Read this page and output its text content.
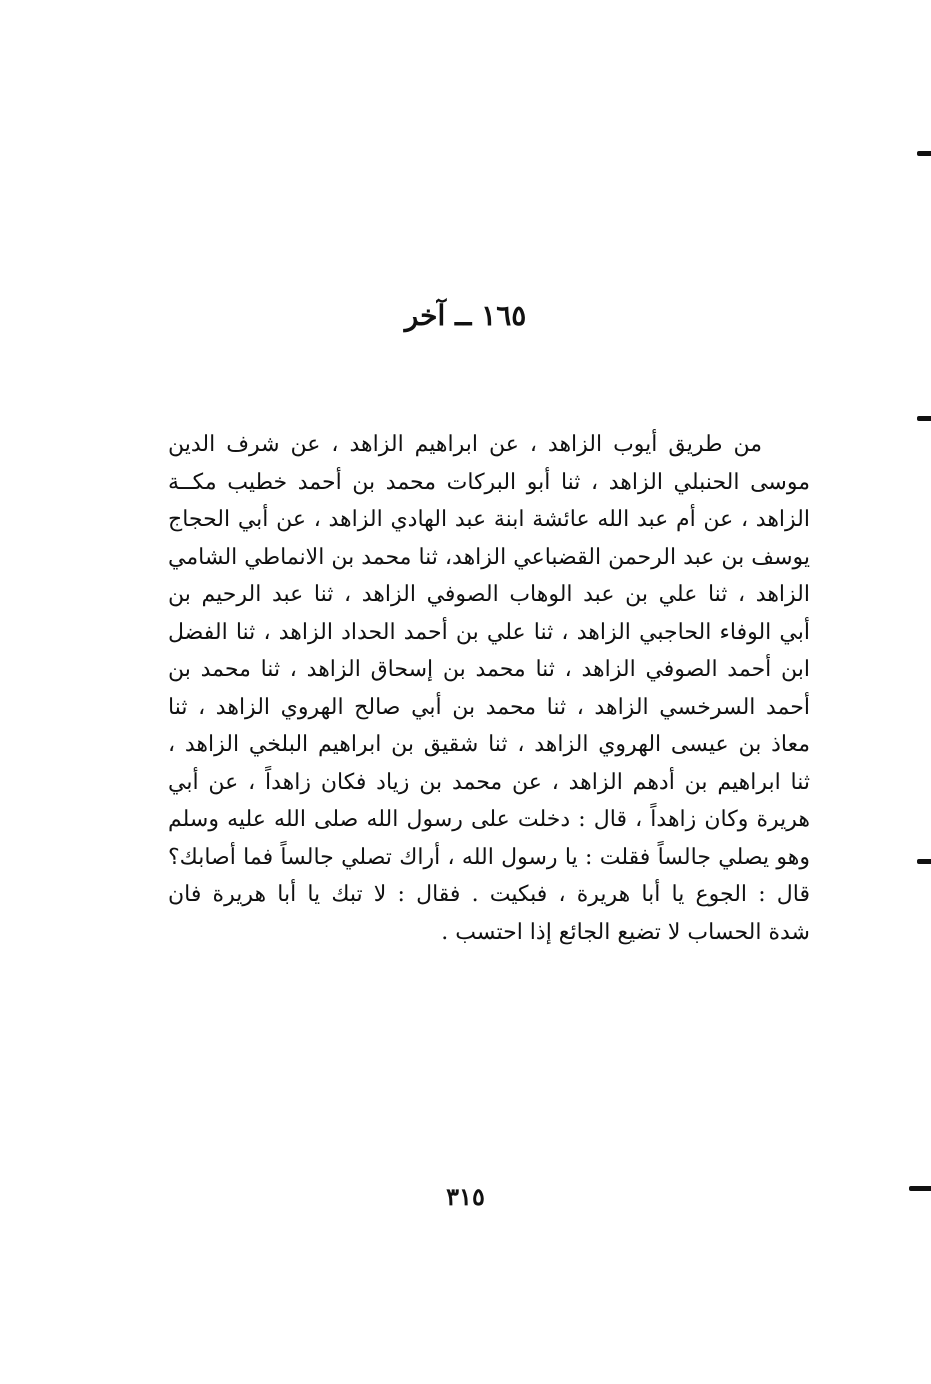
١٦٥ ــ آخر
من طريق أيوب الزاهد ، عن ابراهيم الزاهد ، عن شرف الدين
موسى الحنبلي الزاهد ، ثنا أبو البركات محمد بن أحمد خطيب مكــة
الزاهد ، عن أم عبد الله عائشة ابنة عبد الهادي الزاهد ، عن أبي الحجاج
يوسف بن عبد الرحمن القضباعي الزاهد، ثنا محمد بن الانماطي الشامي
الزاهد ، ثنا علي بن عبد الوهاب الصوفي الزاهد ، ثنا عبد الرحيم بن
أبي الوفاء الحاجبي الزاهد ، ثنا علي بن أحمد الحداد الزاهد ، ثنا الفضل
ابن أحمد الصوفي الزاهد ، ثنا محمد بن إسحاق الزاهد ، ثنا محمد بن
أحمد السرخسي الزاهد ، ثنا محمد بن أبي صالح الهروي الزاهد ، ثنا
معاذ بن عيسى الهروي الزاهد ، ثنا شقيق بن ابراهيم البلخي الزاهد ،
ثنا ابراهيم بن أدهم الزاهد ، عن محمد بن زياد فكان زاهداً ، عن أبي
هريرة وكان زاهداً ، قال : دخلت على رسول الله صلى الله عليه وسلم
وهو يصلي جالساً فقلت : يا رسول الله ، أراك تصلي جالساً فما أصابك؟
قال : الجوع يا أبا هريرة ، فبكيت . فقال : لا تبك يا أبا هريرة فان
شدة الحساب لا تضيع الجائع إذا احتسب .
٣١٥
